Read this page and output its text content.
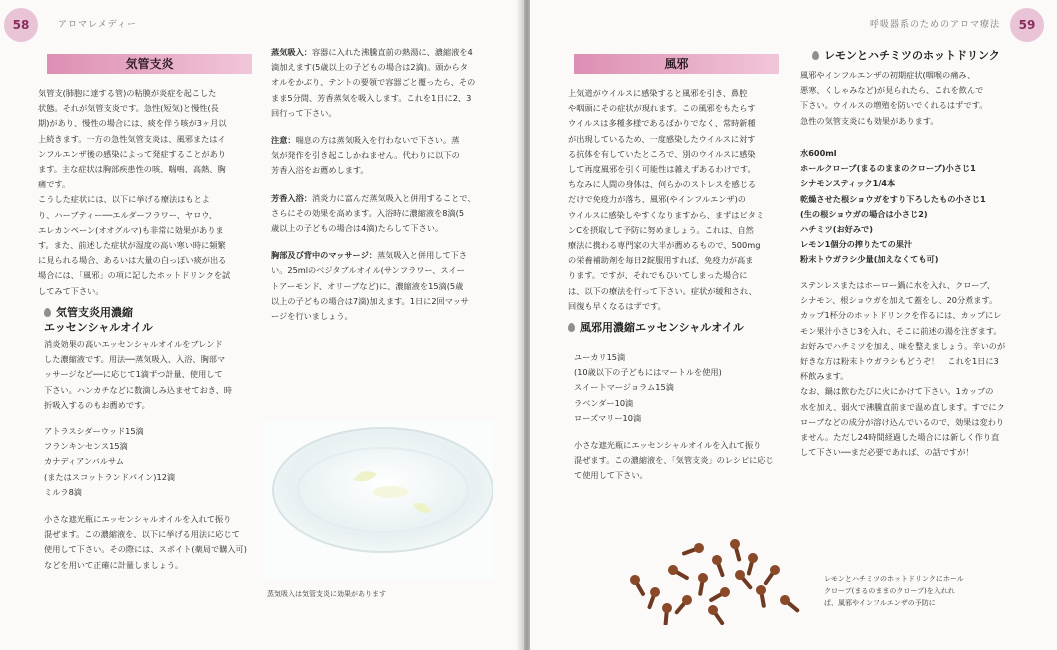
58	アロマレメディー
気管支炎
気管支(肺胞に達する管)の粘膜が炎症を起こした
状態。それが気管支炎です。急性(短気)と慢性(長
期)があり、慢性の場合には、痰を伴う咳が3ヶ月以
上続きます。一方の急性気管支炎は、風邪またはイ
ンフルエンザ後の感染によって発症することがあり
ます。主な症状は胸部疾患性の咳、喘鳴、高熱、胸
痛です。
こうした症状には、以下に挙げる療法はもとよ
り、ハーブティー──エルダーフラワー、ヤロウ、
エレカンペーン(オオグルマ)も非常に効果がありま
す。また、前述した症状が湿度の高い寒い時に頻繁
に見られる場合、あるいは大量の白っぽい痰が出る
場合には、「風邪」の項に記したホットドリンクを試
してみて下さい。
気管支炎用濃縮
エッセンシャルオイル
消炎効果の高いエッセンシャルオイルをブレンド
した濃縮液です。用法──蒸気吸入、入浴、胸部マ
ッサージなど──に応じて1滴ずつ計量、使用して
下さい。ハンカチなどに数滴しみ込ませておき、時
折吸入するのもお薦めです。
アトラスシダーウッド15滴
フランキンセンス15滴
カナディアンバルサム
(またはスコットランドパイン)12滴
ミルラ8滴
小さな遮光瓶にエッセンシャルオイルを入れて振り
混ぜます。この濃縮液を、以下に挙げる用法に応じて
使用して下さい。その際には、スポイト(薬局で購入可)
などを用いて正確に計量しましょう。
蒸気吸入：容器に入れた沸騰直前の熱湯に、濃縮液を4
滴加えます(5歳以上の子どもの場合は2滴)。頭からタ
オルをかぶり、テントの要領で容器ごと覆ったら、その
まま5分間、芳香蒸気を吸入します。これを1日に2、3
回行って下さい。
注意：喘息の方は蒸気吸入を行わないで下さい。蒸
気が発作を引き起こしかねません。代わりに以下の
芳香入浴をお薦めします。
芳香入浴：消炎力に富んだ蒸気吸入と併用することで、
さらにその効果を高めます。入浴時に濃縮液を8滴(5
歳以上の子どもの場合は4滴)たらして下さい。
胸部及び背中のマッサージ：蒸気吸入と併用して下さ
い。25mlのベジタブルオイル(サンフラワー、スイー
トアーモンド、オリーブなど)に、濃縮液を15滴(5歳
以上の子どもの場合は7滴)加えます。1日に2回マッサ
ージを行いましょう。
蒸気吸入は気管支炎に効果があります
59
呼吸器系のためのアロマ療法
風邪
上気道がウイルスに感染すると風邪を引き、鼻腔
や咽頭にその症状が現れます。この風邪をもたらす
ウイルスは多種多様であるばかりでなく、常時新種
が出現しているため、一度感染したウイルスに対す
る抗体を有していたところで、別のウイルスに感染
して再度風邪を引く可能性は雑えずあるわけです。
ちなみに人間の身体は、何らかのストレスを感じる
だけで免疫力が落ち、風邪(やインフルエンザ)の
ウイルスに感染しやすくなりますから、まずはビタミ
ンCを摂取して予防に努めましょう。これは、自然
療法に携わる専門家の大半が薦めるもので、500mg
の栄養補助剤を毎日2錠服用すれば、免疫力が高ま
ります。ですが、それでもひいてしまった場合に
は、以下の療法を行って下さい。症状が緩和され、
回復も早くなるはずです。
風邪用濃縮エッセンシャルオイル
ユーカリ15滴
(10歳以下の子どもにはマートルを使用)
スイートマージョラム15滴
ラベンダー10滴
ローズマリー10滴
小さな遮光瓶にエッセンシャルオイルを入れて振り
混ぜます。この濃縮液を、「気管支炎」のレシピに応じ
て使用して下さい。
レモンとハチミツのホットドリンク
風邪やインフルエンザの初期症状(咽喉の痛み、
悪寒、くしゃみなど)が見られたら、これを飲んで
下さい。ウイルスの増殖を防いでくれるはずです。
急性の気管支炎にも効果があります。
水600ml
ホールクローブ(まるのままのクローブ)小さじ1
シナモンスティック1/4本
乾燥させた根ショウガをすり下ろしたもの小さじ1
(生の根ショウガの場合は小さじ2)
ハチミツ(お好みで)
レモン1個分の搾りたての果汁
粉末トウガラシ少量(加えなくても可)
ステンレスまたはホーロー鍋に水を入れ、クローブ、
シナモン、根ショウガを加えて蓋をし、20分煮ます。
カップ1杯分のホットドリンクを作るには、カップにレ
モン果汁小さじ3を入れ、そこに前述の湯を注ぎます。
お好みでハチミツを加え、味を整えましょう。辛いのが
好きな方は粉末トウガラシもどうぞ！　これを1日に3
杯飲みます。
なお、鍋は飲むたびに火にかけて下さい。1カップの
水を加え、弱火で沸騰直前まで温め直します。すでにク
ローブなどの成分が溶け込んでいるので、効果は変わり
ません。ただし24時間経過した場合には新しく作り直
して下さい──まだ必要であれば、の話ですが！
レモンとハチミツのホットドリンクにホール
クローブ(まるのままのクローブ)を入れれ
ば、風邪やインフルエンザの予防に
